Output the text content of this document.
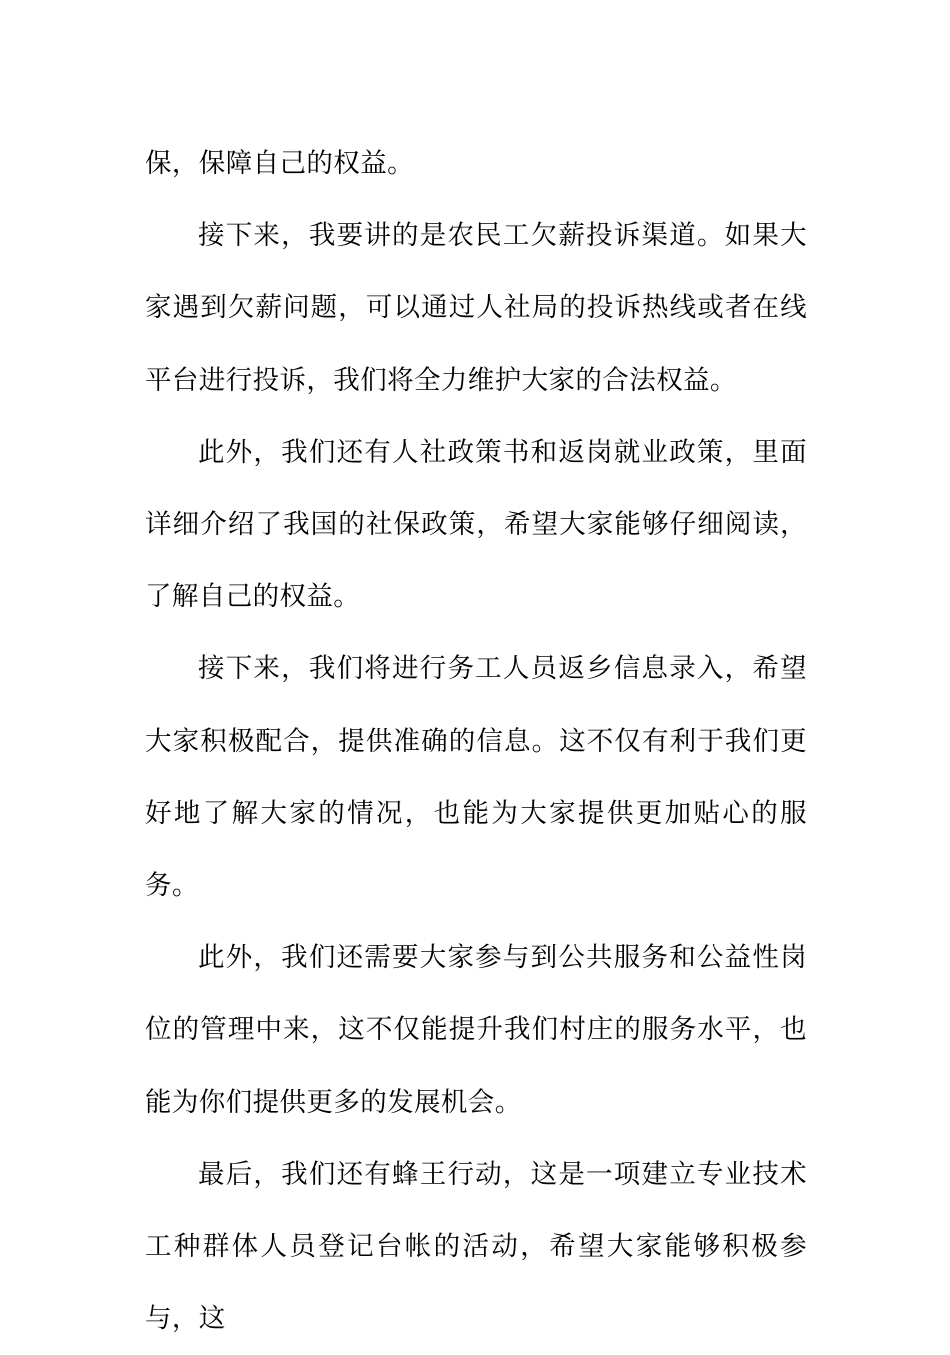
保，保障自己的权益。

接下来，我要讲的是农民工欠薪投诉渠道。如果大家遇到欠薪问题，可以通过人社局的投诉热线或者在线平台进行投诉，我们将全力维护大家的合法权益。

此外，我们还有人社政策书和返岗就业政策，里面详细介绍了我国的社保政策，希望大家能够仔细阅读，了解自己的权益。

接下来，我们将进行务工人员返乡信息录入，希望大家积极配合，提供准确的信息。这不仅有利于我们更好地了解大家的情况，也能为大家提供更加贴心的服务。

此外，我们还需要大家参与到公共服务和公益性岗位的管理中来，这不仅能提升我们村庄的服务水平，也能为你们提供更多的发展机会。

最后，我们还有蜂王行动，这是一项建立专业技术工种群体人员登记台帐的活动，希望大家能够积极参与，这
